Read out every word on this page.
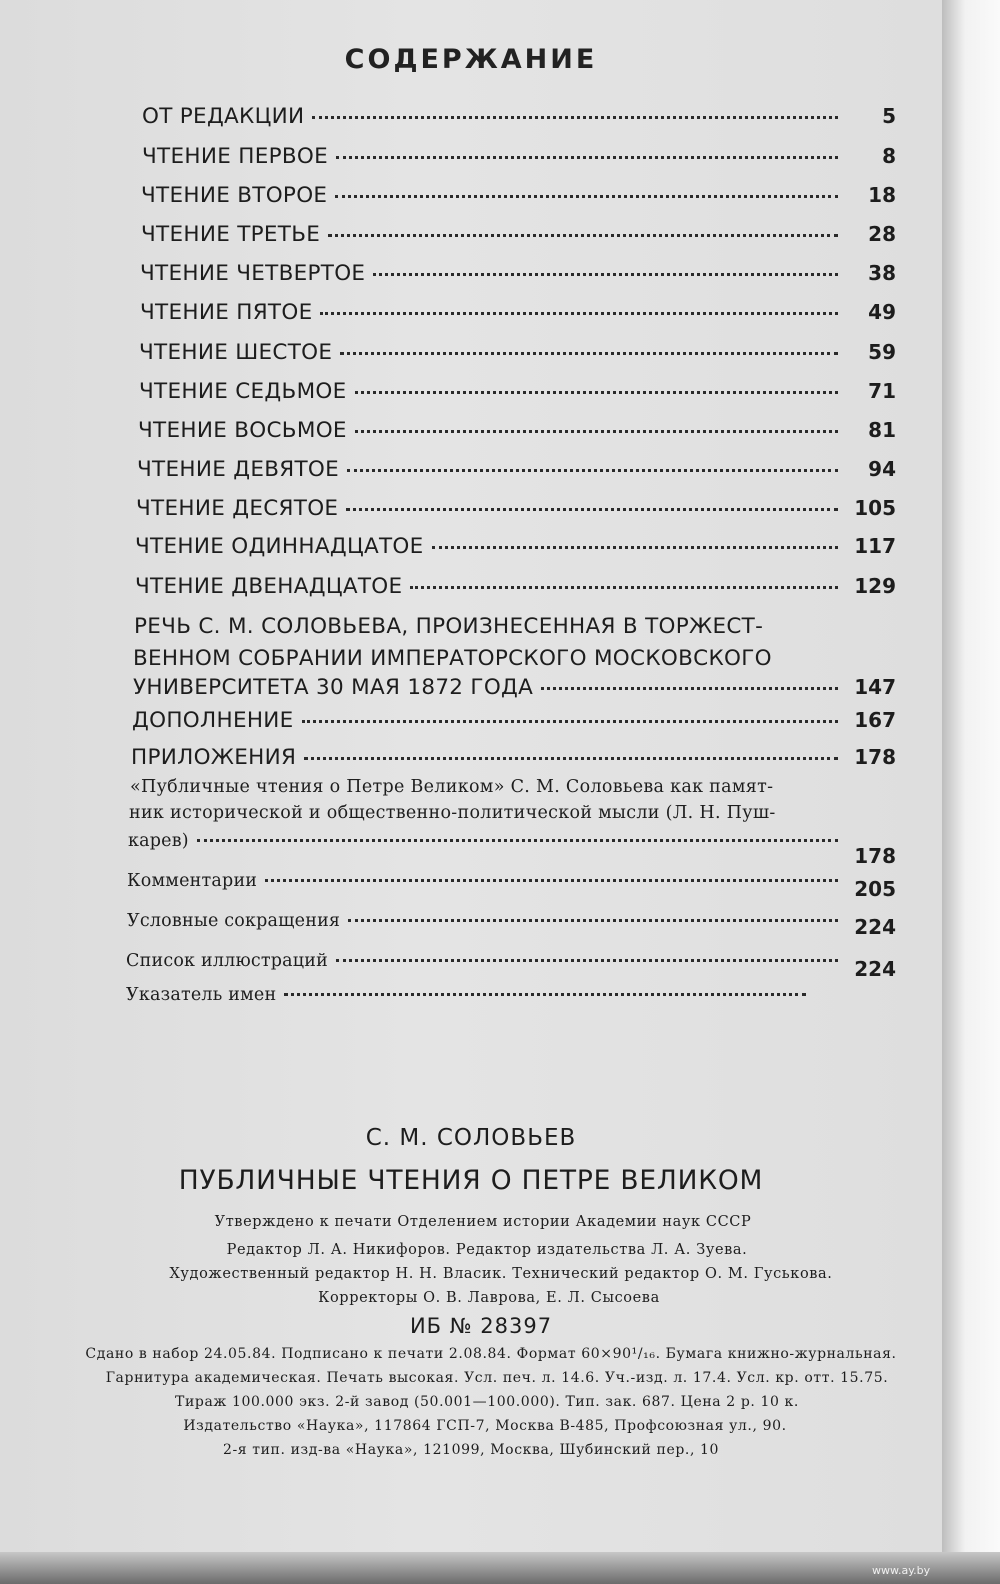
СОДЕРЖАНИЕ
ОТ РЕДАКЦИИ	5
ЧТЕНИЕ ПЕРВОЕ	8
ЧТЕНИЕ ВТОРОЕ	18
ЧТЕНИЕ ТРЕТЬЕ	28
ЧТЕНИЕ ЧЕТВЕРТОЕ	38
ЧТЕНИЕ ПЯТОЕ	49
ЧТЕНИЕ ШЕСТОЕ	59
ЧТЕНИЕ СЕДЬМОЕ	71
ЧТЕНИЕ ВОСЬМОЕ	81
ЧТЕНИЕ ДЕВЯТОЕ	94
ЧТЕНИЕ ДЕСЯТОЕ	105
ЧТЕНИЕ ОДИННАДЦАТОЕ	117
ЧТЕНИЕ ДВЕНАДЦАТОЕ	129
РЕЧЬ С. М. СОЛОВЬЕВА, ПРОИЗНЕСЕННАЯ В ТОРЖЕСТ-
ВЕННОМ СОБРАНИИ ИМПЕРАТОРСКОГО МОСКОВСКОГО
УНИВЕРСИТЕТА 30 МАЯ 1872 ГОДА	147
ДОПОЛНЕНИЕ	167
ПРИЛОЖЕНИЯ	178
«Публичные чтения о Петре Великом» С. М. Соловьева как памят-
ник исторической и общественно-политической мысли (Л. Н. Пуш-
карев)
178
Комментарии	205
Условные сокращения	224
Список иллюстраций	224
Указатель имен
С. М. СОЛОВЬЕВ
ПУБЛИЧНЫЕ ЧТЕНИЯ О ПЕТРЕ ВЕЛИКОМ
Утверждено к печати Отделением истории Академии наук СССР
Редактор Л. А. Никифоров. Редактор издательства Л. А. Зуева.
Художественный редактор Н. Н. Власик. Технический редактор О. М. Гуськова.
Корректоры О. В. Лаврова, Е. Л. Сысоева
ИБ № 28397
Сдано в набор 24.05.84. Подписано к печати 2.08.84. Формат 60×90¹/₁₆. Бумага книжно-журнальная.
Гарнитура академическая. Печать высокая. Усл. печ. л. 14.6. Уч.-изд. л. 17.4. Усл. кр. отт. 15.75.
Тираж 100.000 экз. 2-й завод (50.001—100.000). Тип. зак. 687. Цена 2 р. 10 к.
Издательство «Наука», 117864 ГСП-7, Москва В-485, Профсоюзная ул., 90.
2-я тип. изд-ва «Наука», 121099, Москва, Шубинский пер., 10
www.ay.by
